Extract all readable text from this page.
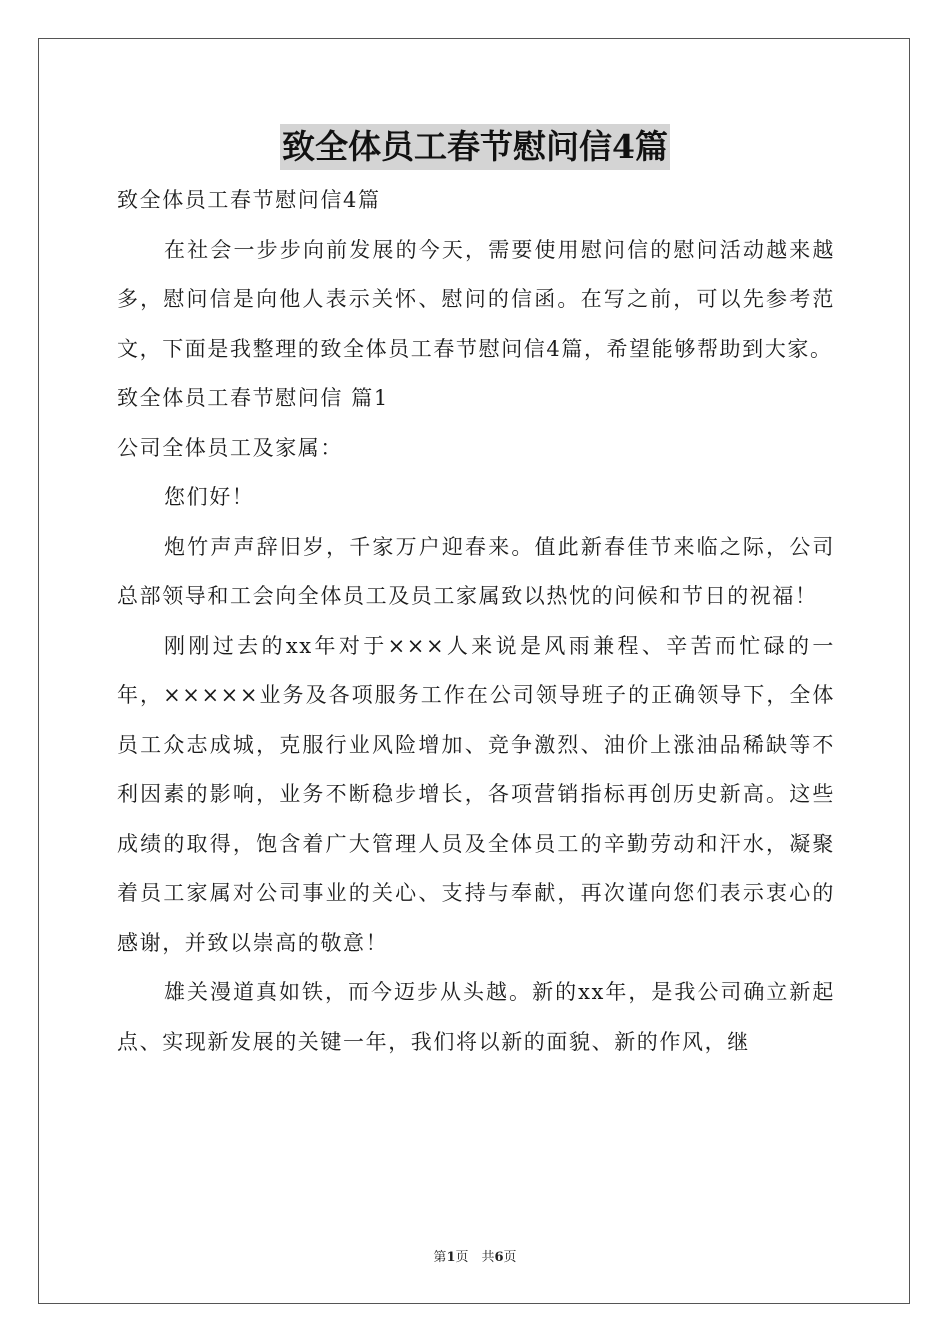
致全体员工春节慰问信4篇

致全体员工春节慰问信4篇

在社会一步步向前发展的今天，需要使用慰问信的慰问活动越来越多，慰问信是向他人表示关怀、慰问的信函。在写之前，可以先参考范文，下面是我整理的致全体员工春节慰问信4篇，希望能够帮助到大家。

致全体员工春节慰问信 篇1

公司全体员工及家属：

您们好！

炮竹声声辞旧岁，千家万户迎春来。值此新春佳节来临之际，公司总部领导和工会向全体员工及员工家属致以热忱的问候和节日的祝福！

刚刚过去的xx年对于×××人来说是风雨兼程、辛苦而忙碌的一年，×××××业务及各项服务工作在公司领导班子的正确领导下，全体员工众志成城，克服行业风险增加、竞争激烈、油价上涨油品稀缺等不利因素的影响，业务不断稳步增长，各项营销指标再创历史新高。这些成绩的取得，饱含着广大管理人员及全体员工的辛勤劳动和汗水，凝聚着员工家属对公司事业的关心、支持与奉献，再次谨向您们表示衷心的感谢，并致以崇高的敬意！

雄关漫道真如铁，而今迈步从头越。新的xx年，是我公司确立新起点、实现新发展的关键一年，我们将以新的面貌、新的作风，继

第1页　共6页
